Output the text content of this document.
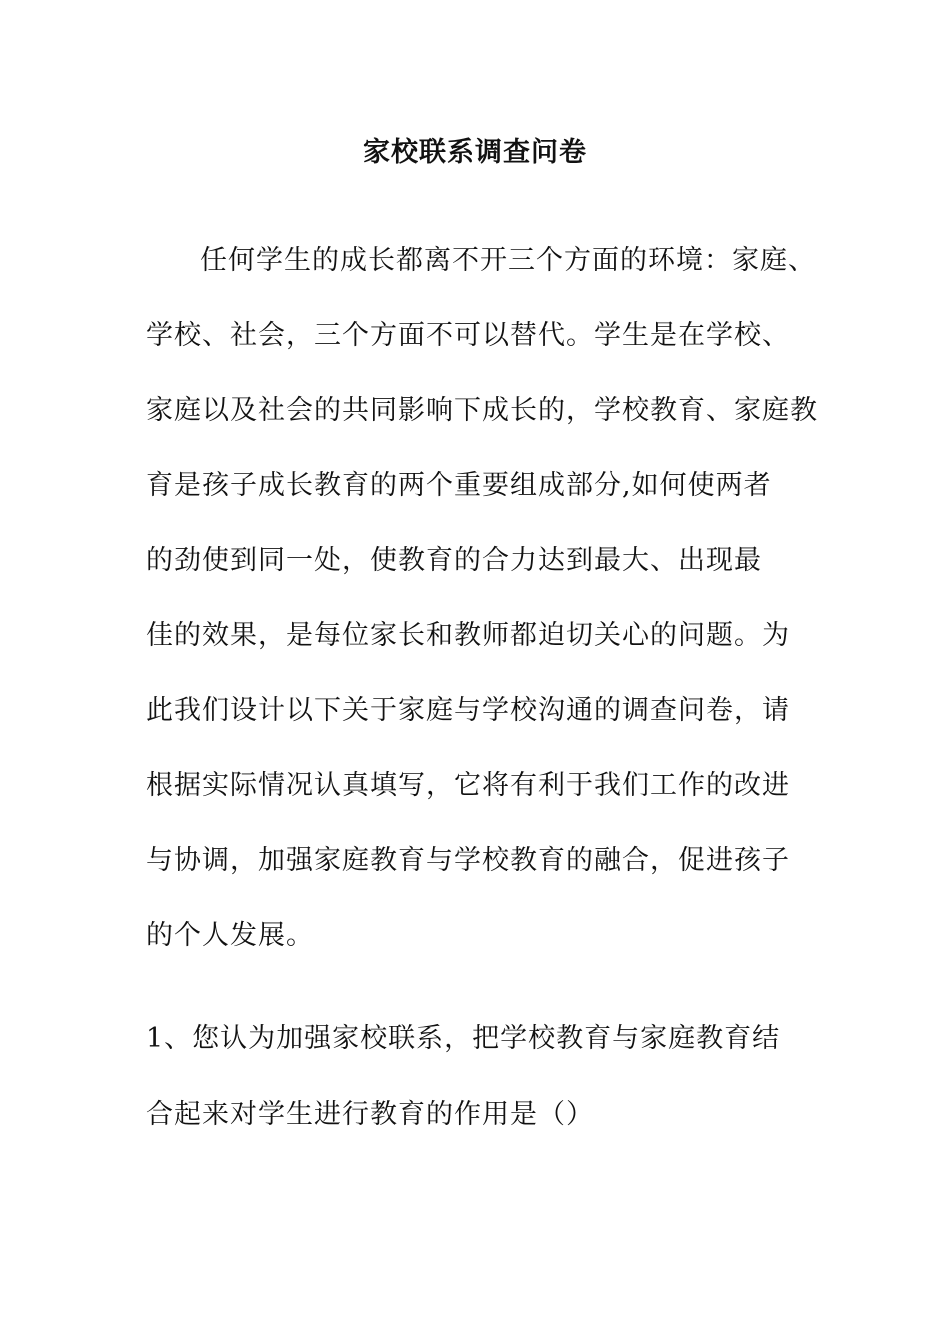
家校联系调查问卷
任何学生的成长都离不开三个方面的环境：家庭、
学校、社会，三个方面不可以替代。学生是在学校、
家庭以及社会的共同影响下成长的，学校教育、家庭教
育是孩子成长教育的两个重要组成部分,如何使两者
的劲使到同一处，使教育的合力达到最大、出现最
佳的效果，是每位家长和教师都迫切关心的问题。为
此我们设计以下关于家庭与学校沟通的调查问卷，请
根据实际情况认真填写，它将有利于我们工作的改进
与协调，加强家庭教育与学校教育的融合，促进孩子
的个人发展。
1、您认为加强家校联系，把学校教育与家庭教育结
合起来对学生进行教育的作用是（）
